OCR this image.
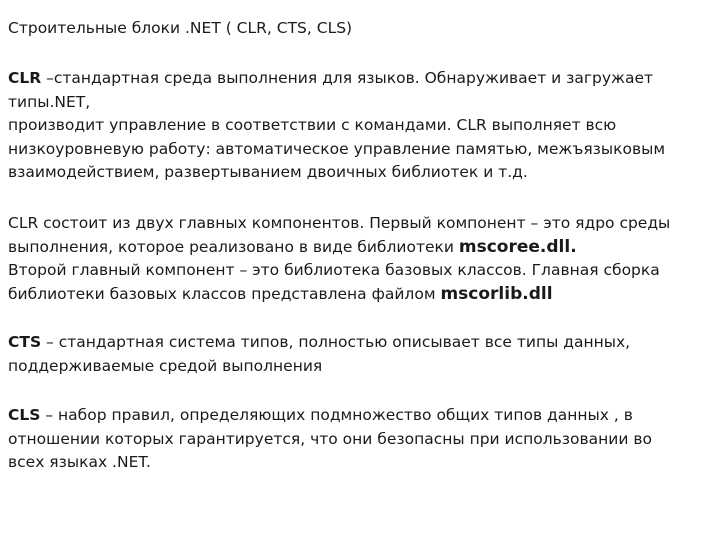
Строительные блоки .NET ( CLR, CTS, CLS)
CLR –стандартная среда выполнения для языков. Обнаруживает и загружает
типы.NET,
производит управление в соответствии с командами. CLR выполняет всю
низкоуровневую работу: автоматическое управление памятью, межъязыковым
взаимодействием, развертыванием двоичных библиотек и т.д.
CLR состоит из двух главных компонентов. Первый компонент – это ядро среды
выполнения, которое реализовано в виде библиотеки mscoree.dll.
Второй главный компонент – это библиотека базовых классов. Главная сборка
библиотеки базовых классов представлена файлом mscorlib.dll
CTS – стандартная система типов, полностью описывает все типы данных,
поддерживаемые средой выполнения
CLS – набор правил, определяющих подмножество общих типов данных , в
отношении которых гарантируется, что они безопасны при использовании во
всех языках .NET.
